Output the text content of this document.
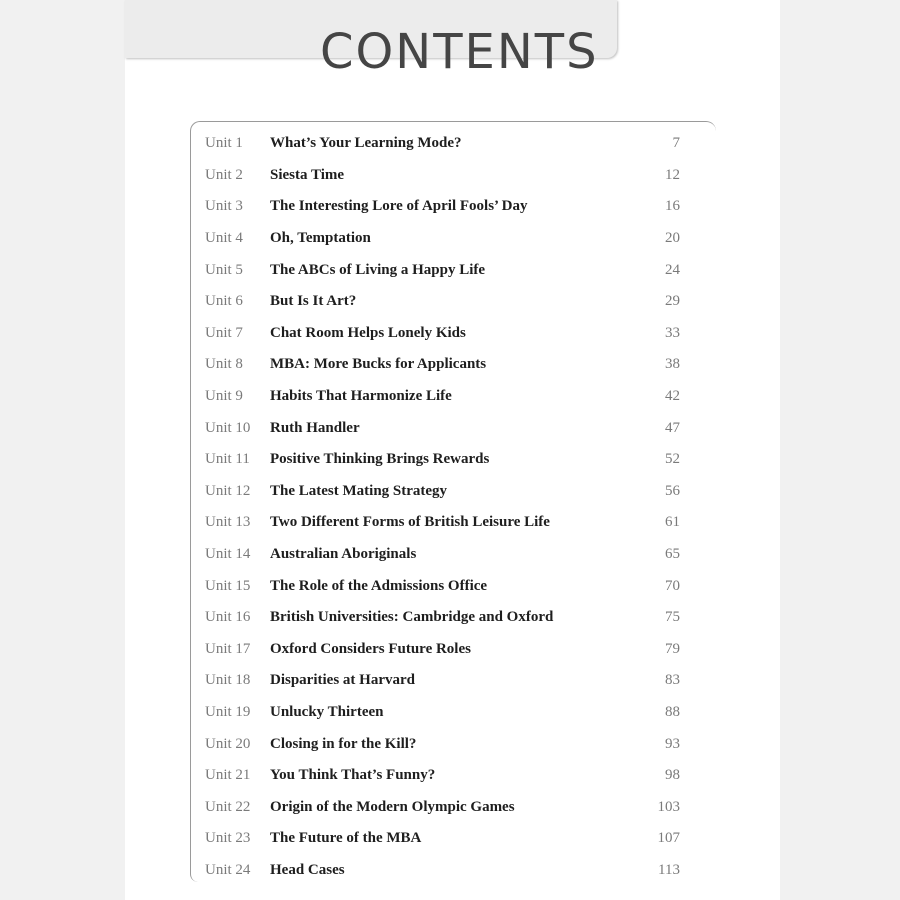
CONTENTS
Unit 1	What’s Your Learning Mode?	7
Unit 2	Siesta Time	12
Unit 3	The Interesting Lore of April Fools’ Day	16
Unit 4	Oh, Temptation	20
Unit 5	The ABCs of Living a Happy Life	24
Unit 6	But Is It Art?	29
Unit 7	Chat Room Helps Lonely Kids	33
Unit 8	MBA: More Bucks for Applicants	38
Unit 9	Habits That Harmonize Life	42
Unit 10	Ruth Handler	47
Unit 11	Positive Thinking Brings Rewards	52
Unit 12	The Latest Mating Strategy	56
Unit 13	Two Different Forms of British Leisure Life	61
Unit 14	Australian Aboriginals	65
Unit 15	The Role of the Admissions Office	70
Unit 16	British Universities: Cambridge and Oxford	75
Unit 17	Oxford Considers Future Roles	79
Unit 18	Disparities at Harvard	83
Unit 19	Unlucky Thirteen	88
Unit 20	Closing in for the Kill?	93
Unit 21	You Think That’s Funny?	98
Unit 22	Origin of the Modern Olympic Games	103
Unit 23	The Future of the MBA	107
Unit 24	Head Cases	113
